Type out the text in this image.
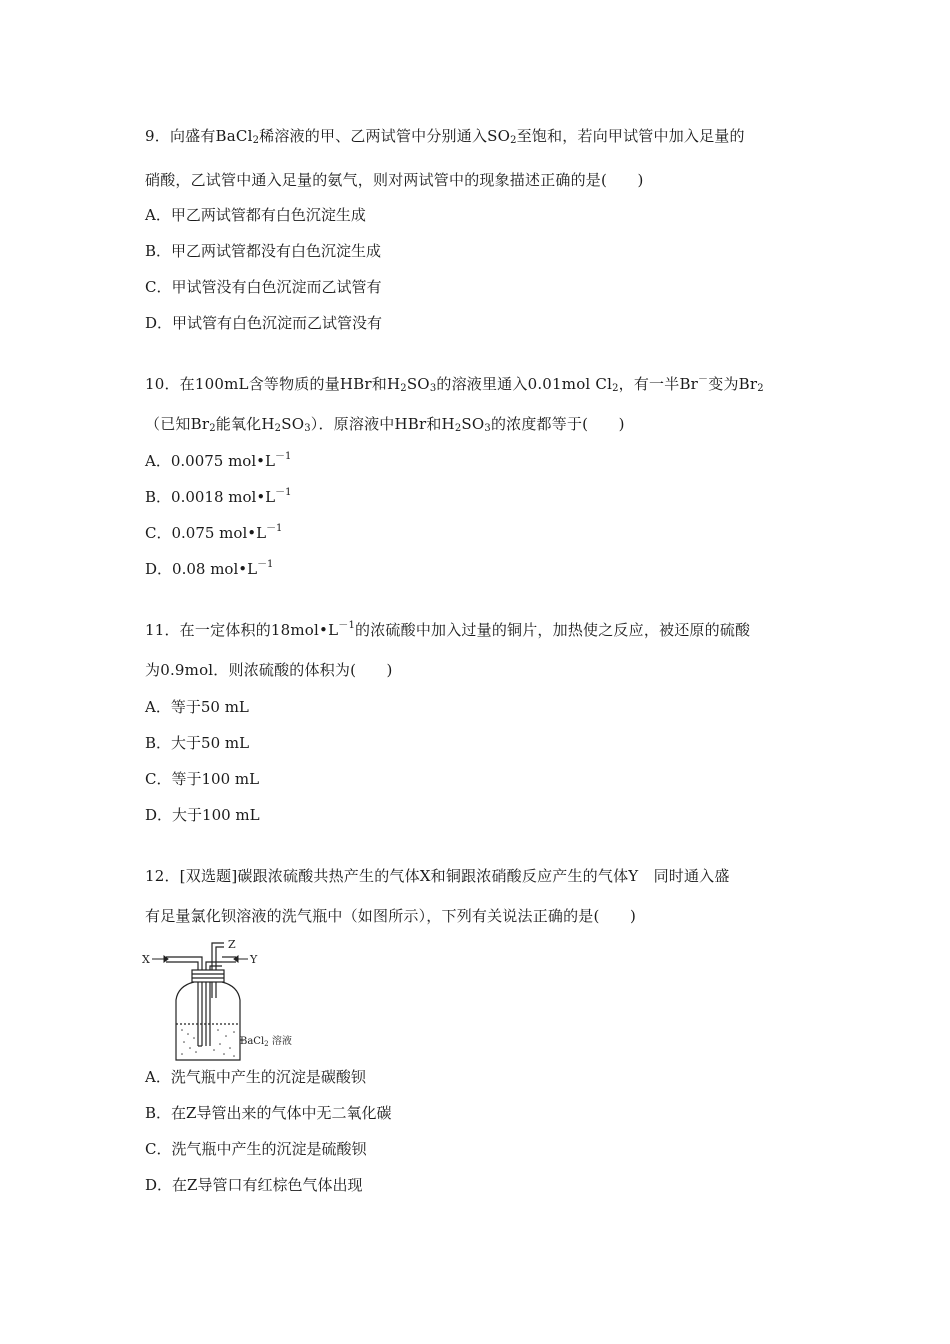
9．向盛有BaCl$_2$稀溶液的甲、乙两试管中分别通入$SO_2$至饱和，若向甲试管中加入足量的
硝酸，乙试管中通入足量的氨气，则对两试管中的现象描述正确的是(　　)
A．甲乙两试管都有白色沉淀生成
B．甲乙两试管都没有白色沉淀生成
C．甲试管没有白色沉淀而乙试管有
D．甲试管有白色沉淀而乙试管没有
10．在100mL含等物质的量HBr和$H_2SO_3$的溶液里通入0.01mol $Cl_2$，有一半Br－变为$Br_2$
（已知$Br_2$能氧化$H_2SO_3$）．原溶液中HBr和$H_2SO_3$的浓度都等于(　　)
A．0.0075 $mol•L^{-1}$
B．0.0018 $mol•L^{-1}$
C．0.075 $mol•L^{-1}$
D．0.08 $mol•L^{-1}$
11．在一定体积的$18mol•L^{-1}$的浓硫酸中加入过量的铜片，加热使之反应，被还原的硫酸
为0.9mol．则浓硫酸的体积为(　　)
A．等于50 mL
B．大于50 mL
C．等于100 mL
D．大于100 mL
12．[双选题]碳跟浓硫酸共热产生的气体X和铜跟浓硝酸反应产生的气体Y　同时通入盛
有足量氯化钡溶液的洗气瓶中（如图所示），下列有关说法正确的是(　　)
X
Z
Y
BaCl$_2$ 溶液
A．洗气瓶中产生的沉淀是碳酸钡
B．在Z导管出来的气体中无二氧化碳
C．洗气瓶中产生的沉淀是硫酸钡
D．在Z导管口有红棕色气体出现
